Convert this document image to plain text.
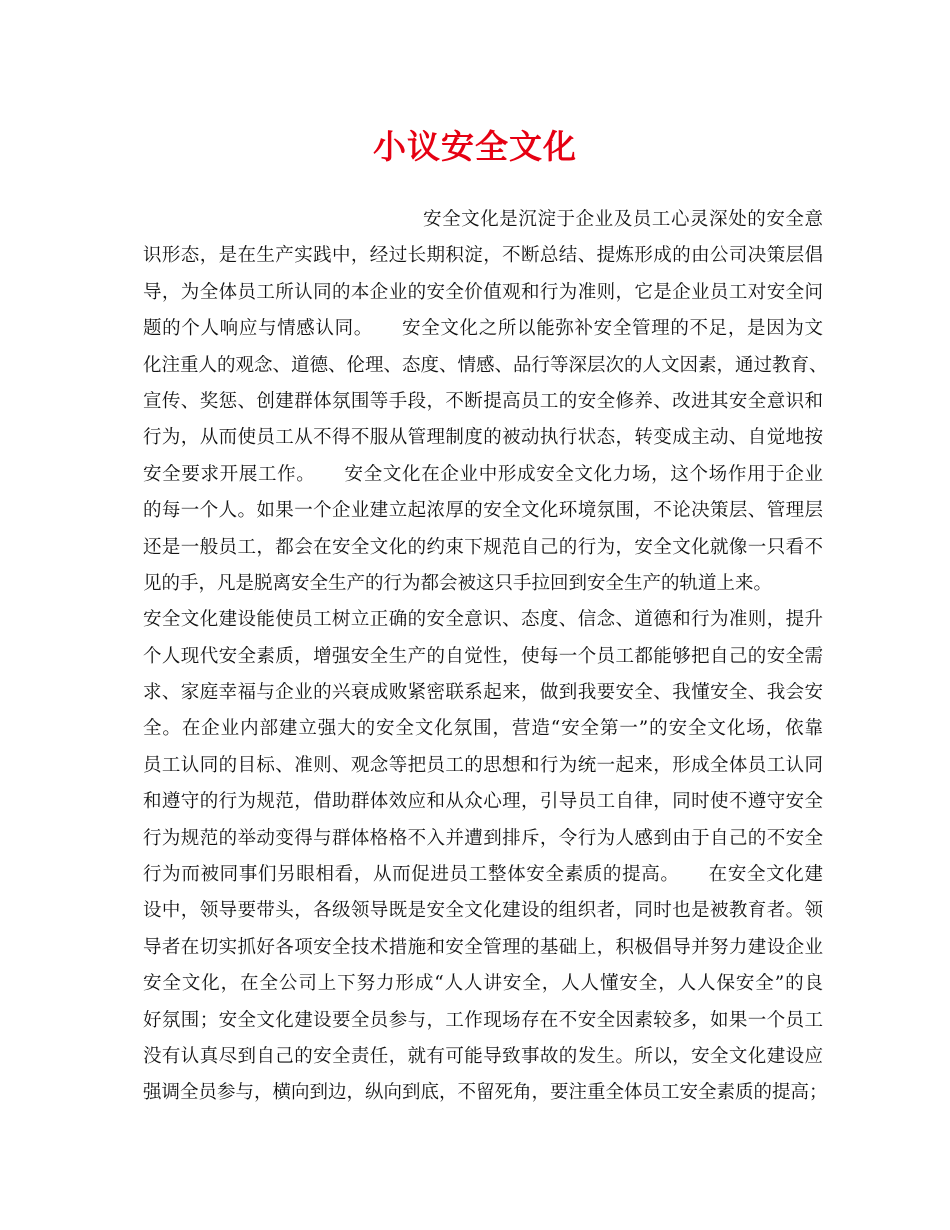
小议安全文化
安全文化是沉淀于企业及员工心灵深处的安全意
识形态，是在生产实践中，经过长期积淀，不断总结、提炼形成的由公司决策层倡
导，为全体员工所认同的本企业的安全价值观和行为准则，它是企业员工对安全问
题的个人响应与情感认同。　　安全文化之所以能弥补安全管理的不足，是因为文
化注重人的观念、道德、伦理、态度、情感、品行等深层次的人文因素，通过教育、
宣传、奖惩、创建群体氛围等手段，不断提高员工的安全修养、改进其安全意识和
行为，从而使员工从不得不服从管理制度的被动执行状态，转变成主动、自觉地按
安全要求开展工作。　　安全文化在企业中形成安全文化力场，这个场作用于企业
的每一个人。如果一个企业建立起浓厚的安全文化环境氛围，不论决策层、管理层
还是一般员工，都会在安全文化的约束下规范自己的行为，安全文化就像一只看不
见的手，凡是脱离安全生产的行为都会被这只手拉回到安全生产的轨道上来。
安全文化建设能使员工树立正确的安全意识、态度、信念、道德和行为准则，提升
个人现代安全素质，增强安全生产的自觉性，使每一个员工都能够把自己的安全需
求、家庭幸福与企业的兴衰成败紧密联系起来，做到我要安全、我懂安全、我会安
全。在企业内部建立强大的安全文化氛围，营造“安全第一”的安全文化场，依靠
员工认同的目标、准则、观念等把员工的思想和行为统一起来，形成全体员工认同
和遵守的行为规范，借助群体效应和从众心理，引导员工自律，同时使不遵守安全
行为规范的举动变得与群体格格不入并遭到排斥，令行为人感到由于自己的不安全
行为而被同事们另眼相看，从而促进员工整体安全素质的提高。　　在安全文化建
设中，领导要带头，各级领导既是安全文化建设的组织者，同时也是被教育者。领
导者在切实抓好各项安全技术措施和安全管理的基础上，积极倡导并努力建设企业
安全文化，在全公司上下努力形成“人人讲安全，人人懂安全，人人保安全”的良
好氛围；安全文化建设要全员参与，工作现场存在不安全因素较多，如果一个员工
没有认真尽到自己的安全责任，就有可能导致事故的发生。所以，安全文化建设应
强调全员参与，横向到边，纵向到底，不留死角，要注重全体员工安全素质的提高；
